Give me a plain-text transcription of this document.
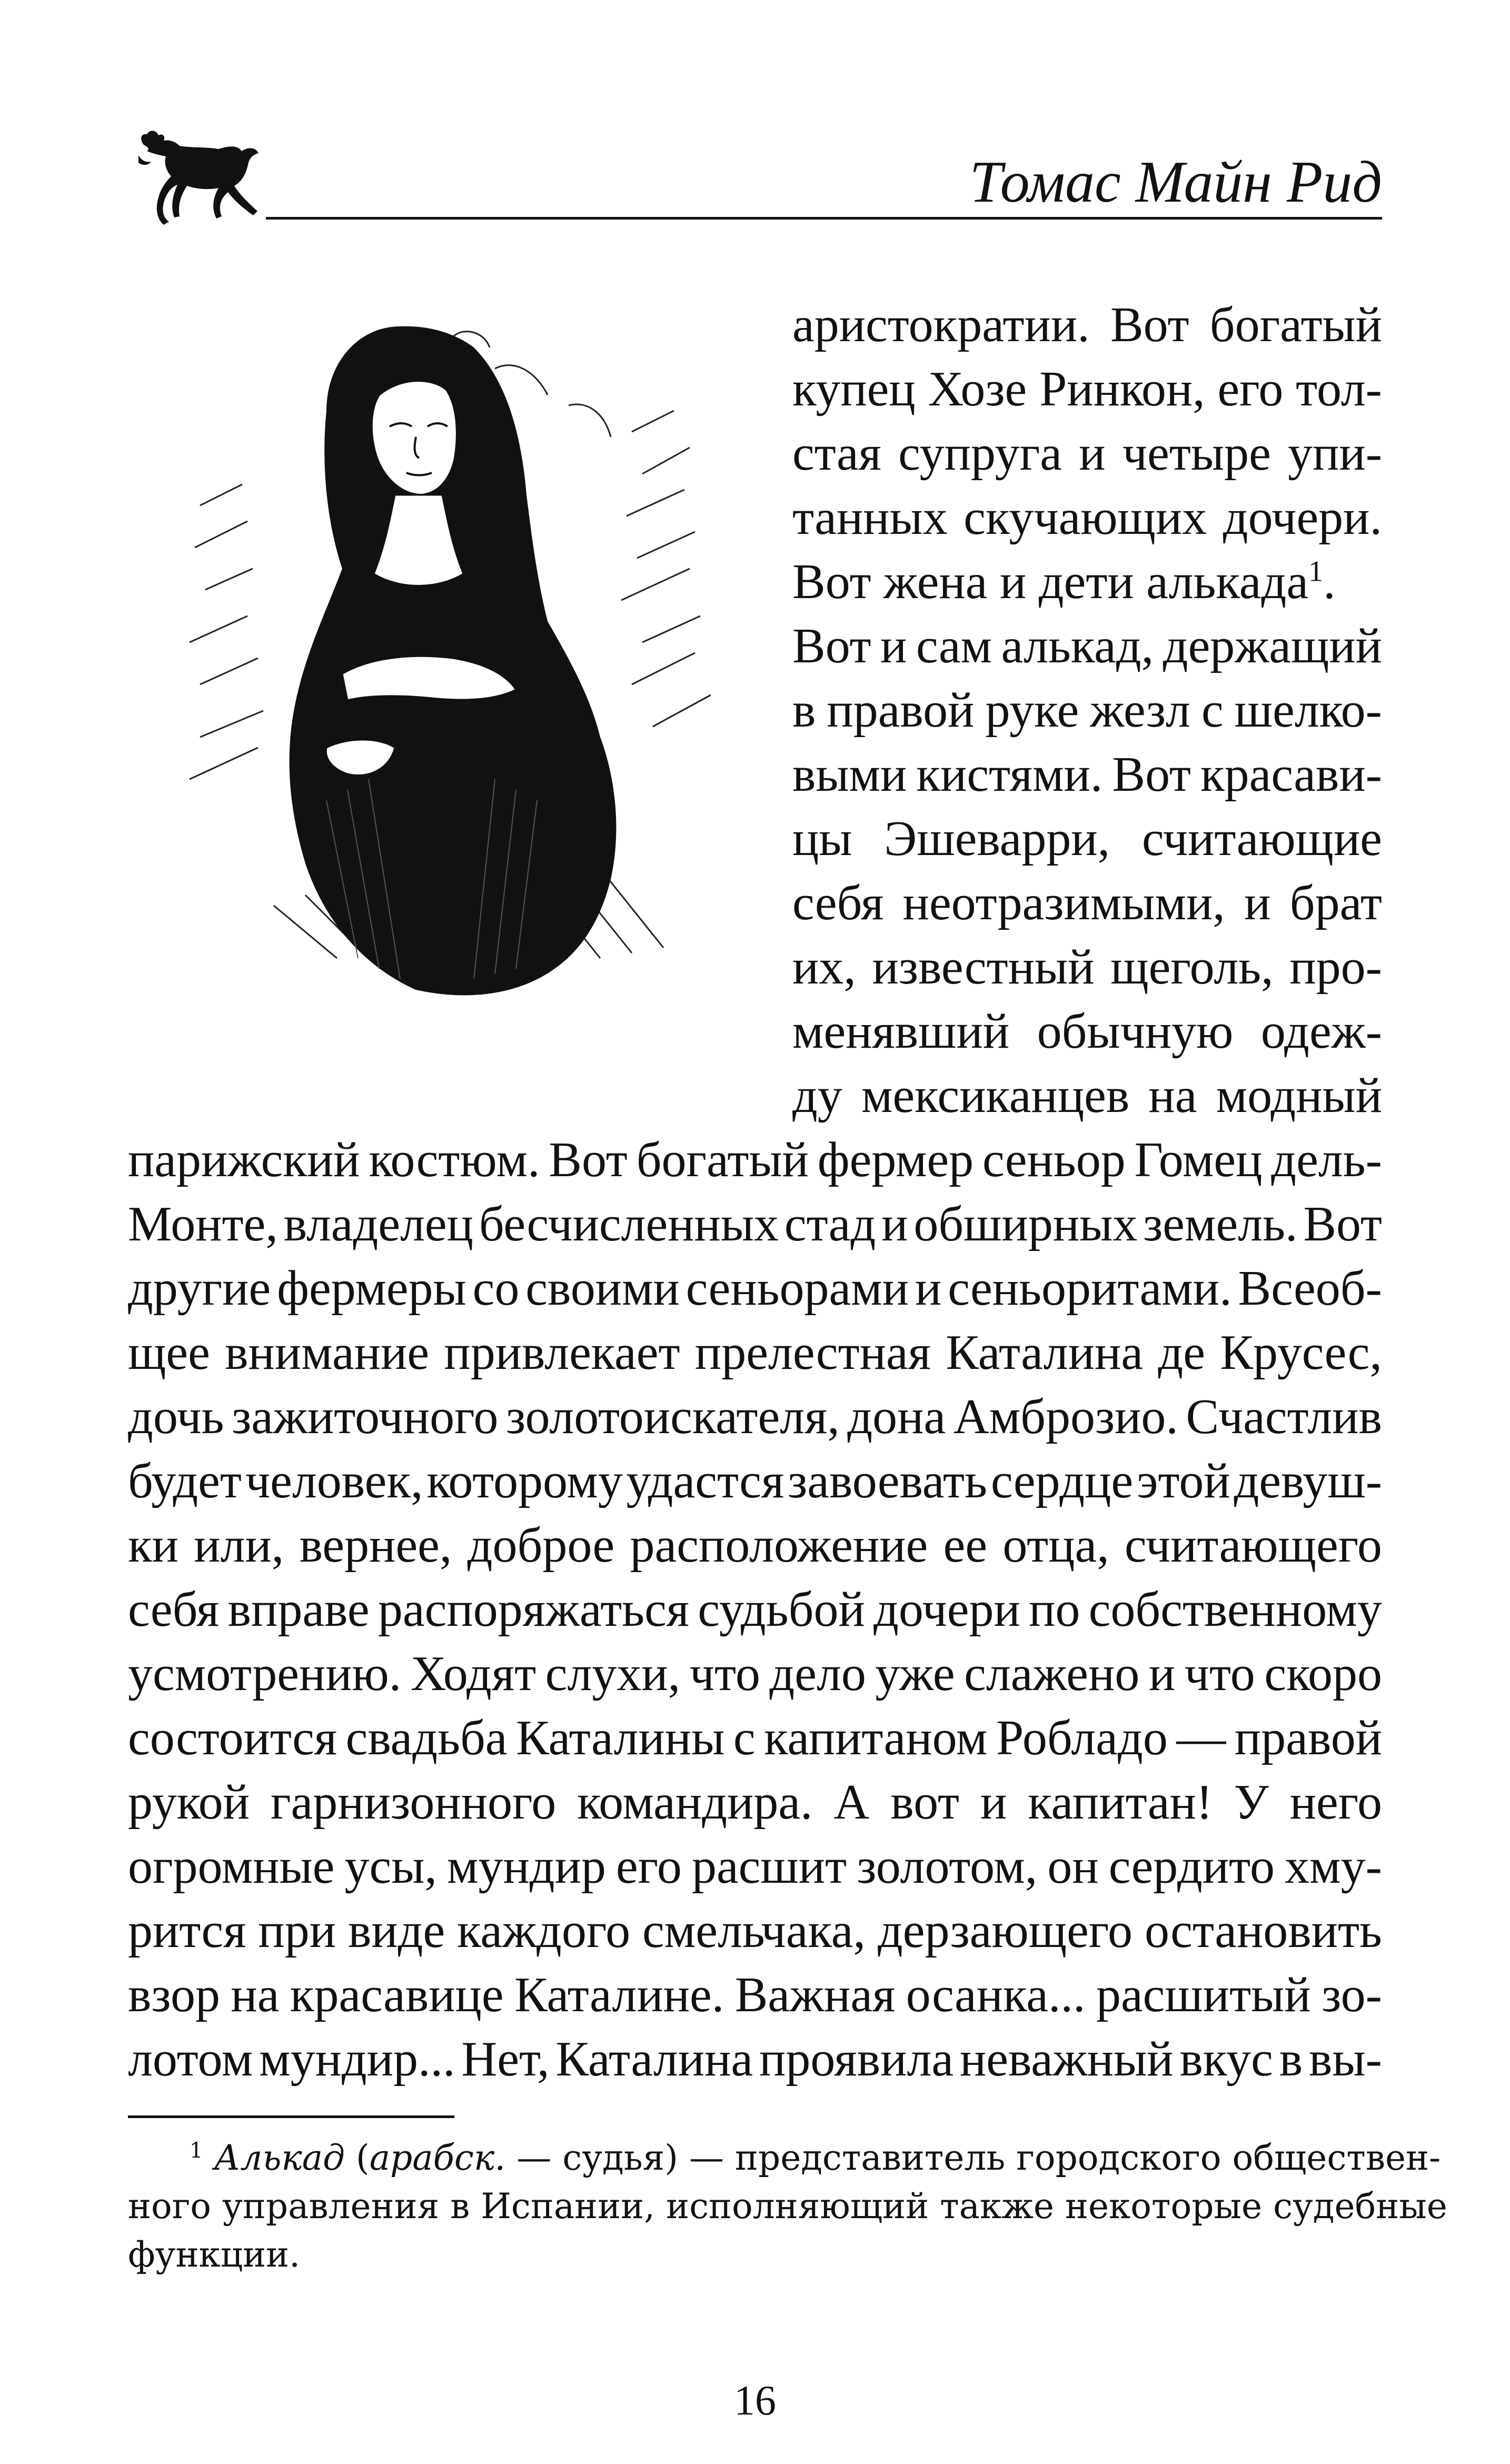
Томас Майн Рид
аристократии. Вот богатый
купец Хозе Ринкон, его тол-
стая супруга и четыре упи-
танных скучающих дочери.
Вот жена и дети алькада$^1$.
Вот и сам алькад, держащий
в правой руке жезл с шелко-
выми кистями. Вот красави-
цы Эшеварри, считающие
себя неотразимыми, и брат
их, известный щеголь, про-
менявший обычную одеж-
ду мексиканцев на модный
парижский костюм. Вот богатый фермер сеньор Гомец дель-
Монте, владелец бесчисленных стад и обширных земель. Вот
другие фермеры со своими сеньорами и сеньоритами. Всеоб-
щее внимание привлекает прелестная Каталина де Крусес,
дочь зажиточного золотоискателя, дона Амброзио. Счастлив
будет человек, которому удастся завоевать сердце этой девуш-
ки или, вернее, доброе расположение ее отца, считающего
себя вправе распоряжаться судьбой дочери по собственному
усмотрению. Ходят слухи, что дело уже слажено и что скоро
состоится свадьба Каталины с капитаном Робладо — правой
рукой гарнизонного командира. А вот и капитан! У него
огромные усы, мундир его расшит золотом, он сердито хму-
рится при виде каждого смельчака, дерзающего остановить
взор на красавице Каталине. Важная осанка... расшитый зо-
лотом мундир... Нет, Каталина проявила неважный вкус в вы-
$^1$ Алькад (арабск. — судья) — представитель городского обществен-
ного управления в Испании, исполняющий также некоторые судебные
функции.
16
